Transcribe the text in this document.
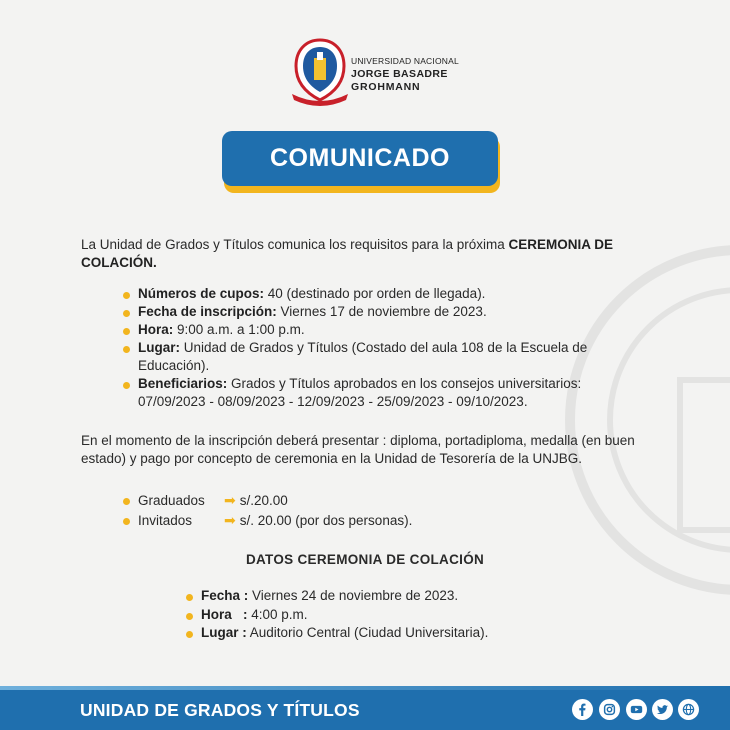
UNIVERSIDAD NACIONAL
JORGE BASADRE
GROHMANN
COMUNICADO
La Unidad de Grados y Títulos comunica los requisitos para la próxima CEREMONIA DE COLACIÓN.
Números de cupos: 40 (destinado por orden de llegada).
Fecha de inscripción: Viernes 17 de noviembre de 2023.
Hora: 9:00 a.m. a 1:00 p.m.
Lugar: Unidad de Grados y Títulos (Costado del aula 108 de la Escuela de Educación).
Beneficiarios: Grados y Títulos aprobados en los consejos universitarios: 07/09/2023 - 08/09/2023 - 12/09/2023 - 25/09/2023 - 09/10/2023.
En el momento de la inscripción deberá presentar : diploma, portadiploma, medalla (en buen estado) y pago por concepto de ceremonia en la Unidad de Tesorería de la UNJBG.
Graduados ➡ s/.20.00
Invitados ➡ s/. 20.00 (por dos personas).
DATOS CEREMONIA DE COLACIÓN
Fecha : Viernes 24 de noviembre de 2023.
Hora   : 4:00 p.m.
Lugar : Auditorio Central (Ciudad Universitaria).
UNIDAD DE GRADOS Y TÍTULOS
